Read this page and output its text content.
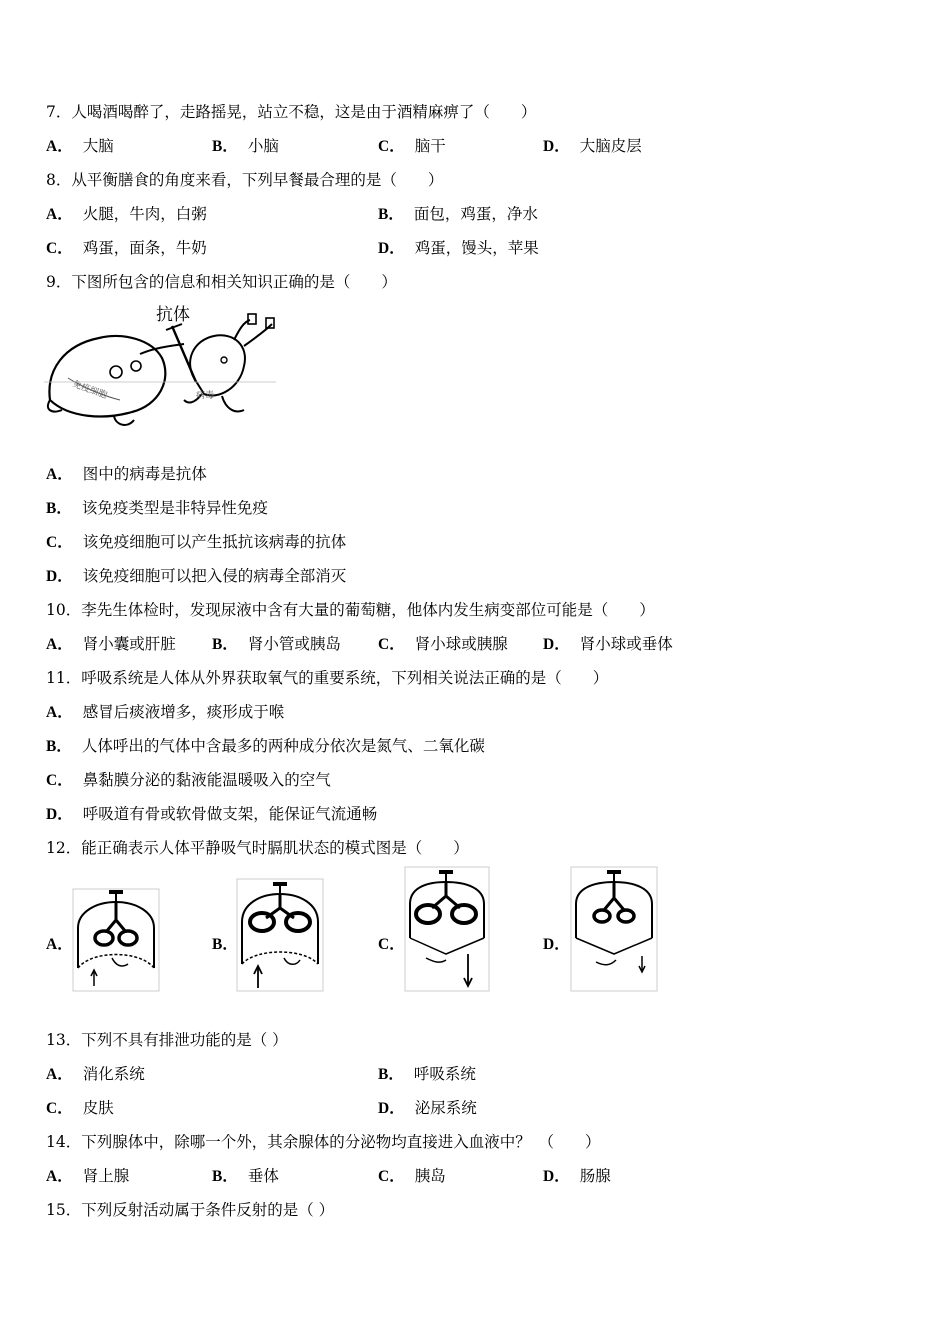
7．人喝酒喝醉了，走路摇晃，站立不稳，这是由于酒精麻痹了（　　）
A． 大脑	B． 小脑	C． 脑干	D． 大脑皮层
8．从平衡膳食的角度来看，下列早餐最合理的是（　　）
A． 火腿，牛肉，白粥	B． 面包，鸡蛋，净水
C． 鸡蛋，面条，牛奶	D． 鸡蛋，馒头，苹果
9．下图所包含的信息和相关知识正确的是（　　）
抗体
免疫细胞	病毒
A． 图中的病毒是抗体
B． 该免疫类型是非特异性免疫
C． 该免疫细胞可以产生抵抗该病毒的抗体
D． 该免疫细胞可以把入侵的病毒全部消灭
10．李先生体检时，发现尿液中含有大量的葡萄糖，他体内发生病变部位可能是（　　）
A． 肾小囊或肝脏 B． 肾小管或胰岛 C． 肾小球或胰腺 D． 肾小球或垂体
11．呼吸系统是人体从外界获取氧气的重要系统，下列相关说法正确的是（　　）
A． 感冒后痰液增多，痰形成于喉
B． 人体呼出的气体中含最多的两种成分依次是氮气、二氧化碳
C． 鼻黏膜分泌的黏液能温暖吸入的空气
D． 呼吸道有骨或软骨做支架，能保证气流通畅
12．能正确表示人体平静吸气时膈肌状态的模式图是（　　）
A．	B．	C．	D．
13．下列不具有排泄功能的是（ ）
A． 消化系统	B． 呼吸系统
C． 皮肤	D． 泌尿系统
14．下列腺体中，除哪一个外，其余腺体的分泌物均直接进入血液中？　（　　）
A． 肾上腺	B． 垂体	C． 胰岛	D． 肠腺
15．下列反射活动属于条件反射的是（ ）
